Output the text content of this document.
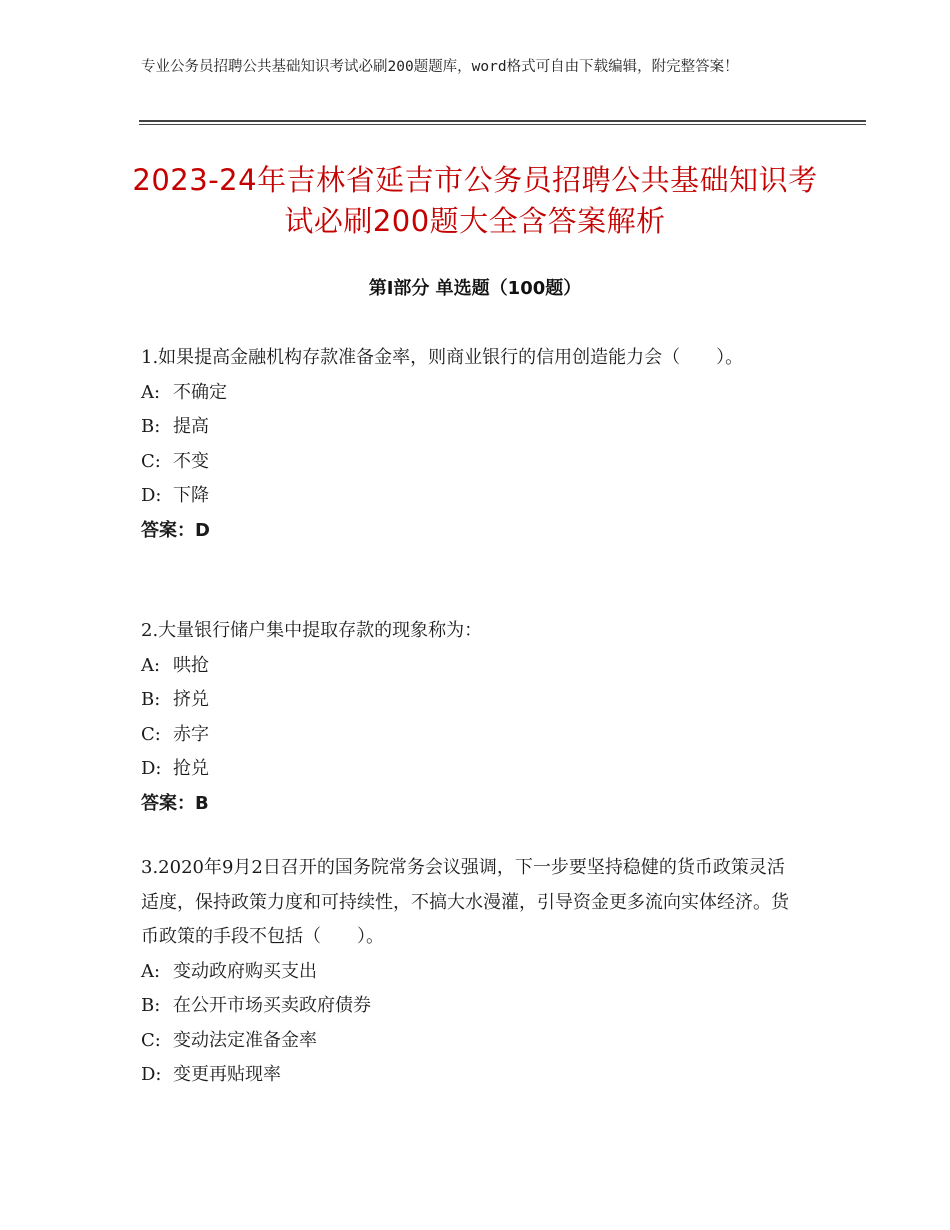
专业公务员招聘公共基础知识考试必刷200题题库，word格式可自由下载编辑，附完整答案！
2023-24年吉林省延吉市公务员招聘公共基础知识考试必刷200题大全含答案解析
第Ⅰ部分 单选题（100题）

1.如果提高金融机构存款准备金率，则商业银行的信用创造能力会（　　）。

A: 不确定

B: 提高

C: 不变

D: 下降

答案：D

2.大量银行储户集中提取存款的现象称为：

A: 哄抢

B: 挤兑

C: 赤字

D: 抢兑

答案：B

3.2020年9月2日召开的国务院常务会议强调，下一步要坚持稳健的货币政策灵活适度，保持政策力度和可持续性，不搞大水漫灌，引导资金更多流向实体经济。货币政策的手段不包括（　　）。

A: 变动政府购买支出

B: 在公开市场买卖政府债券

C: 变动法定准备金率

D: 变更再贴现率
